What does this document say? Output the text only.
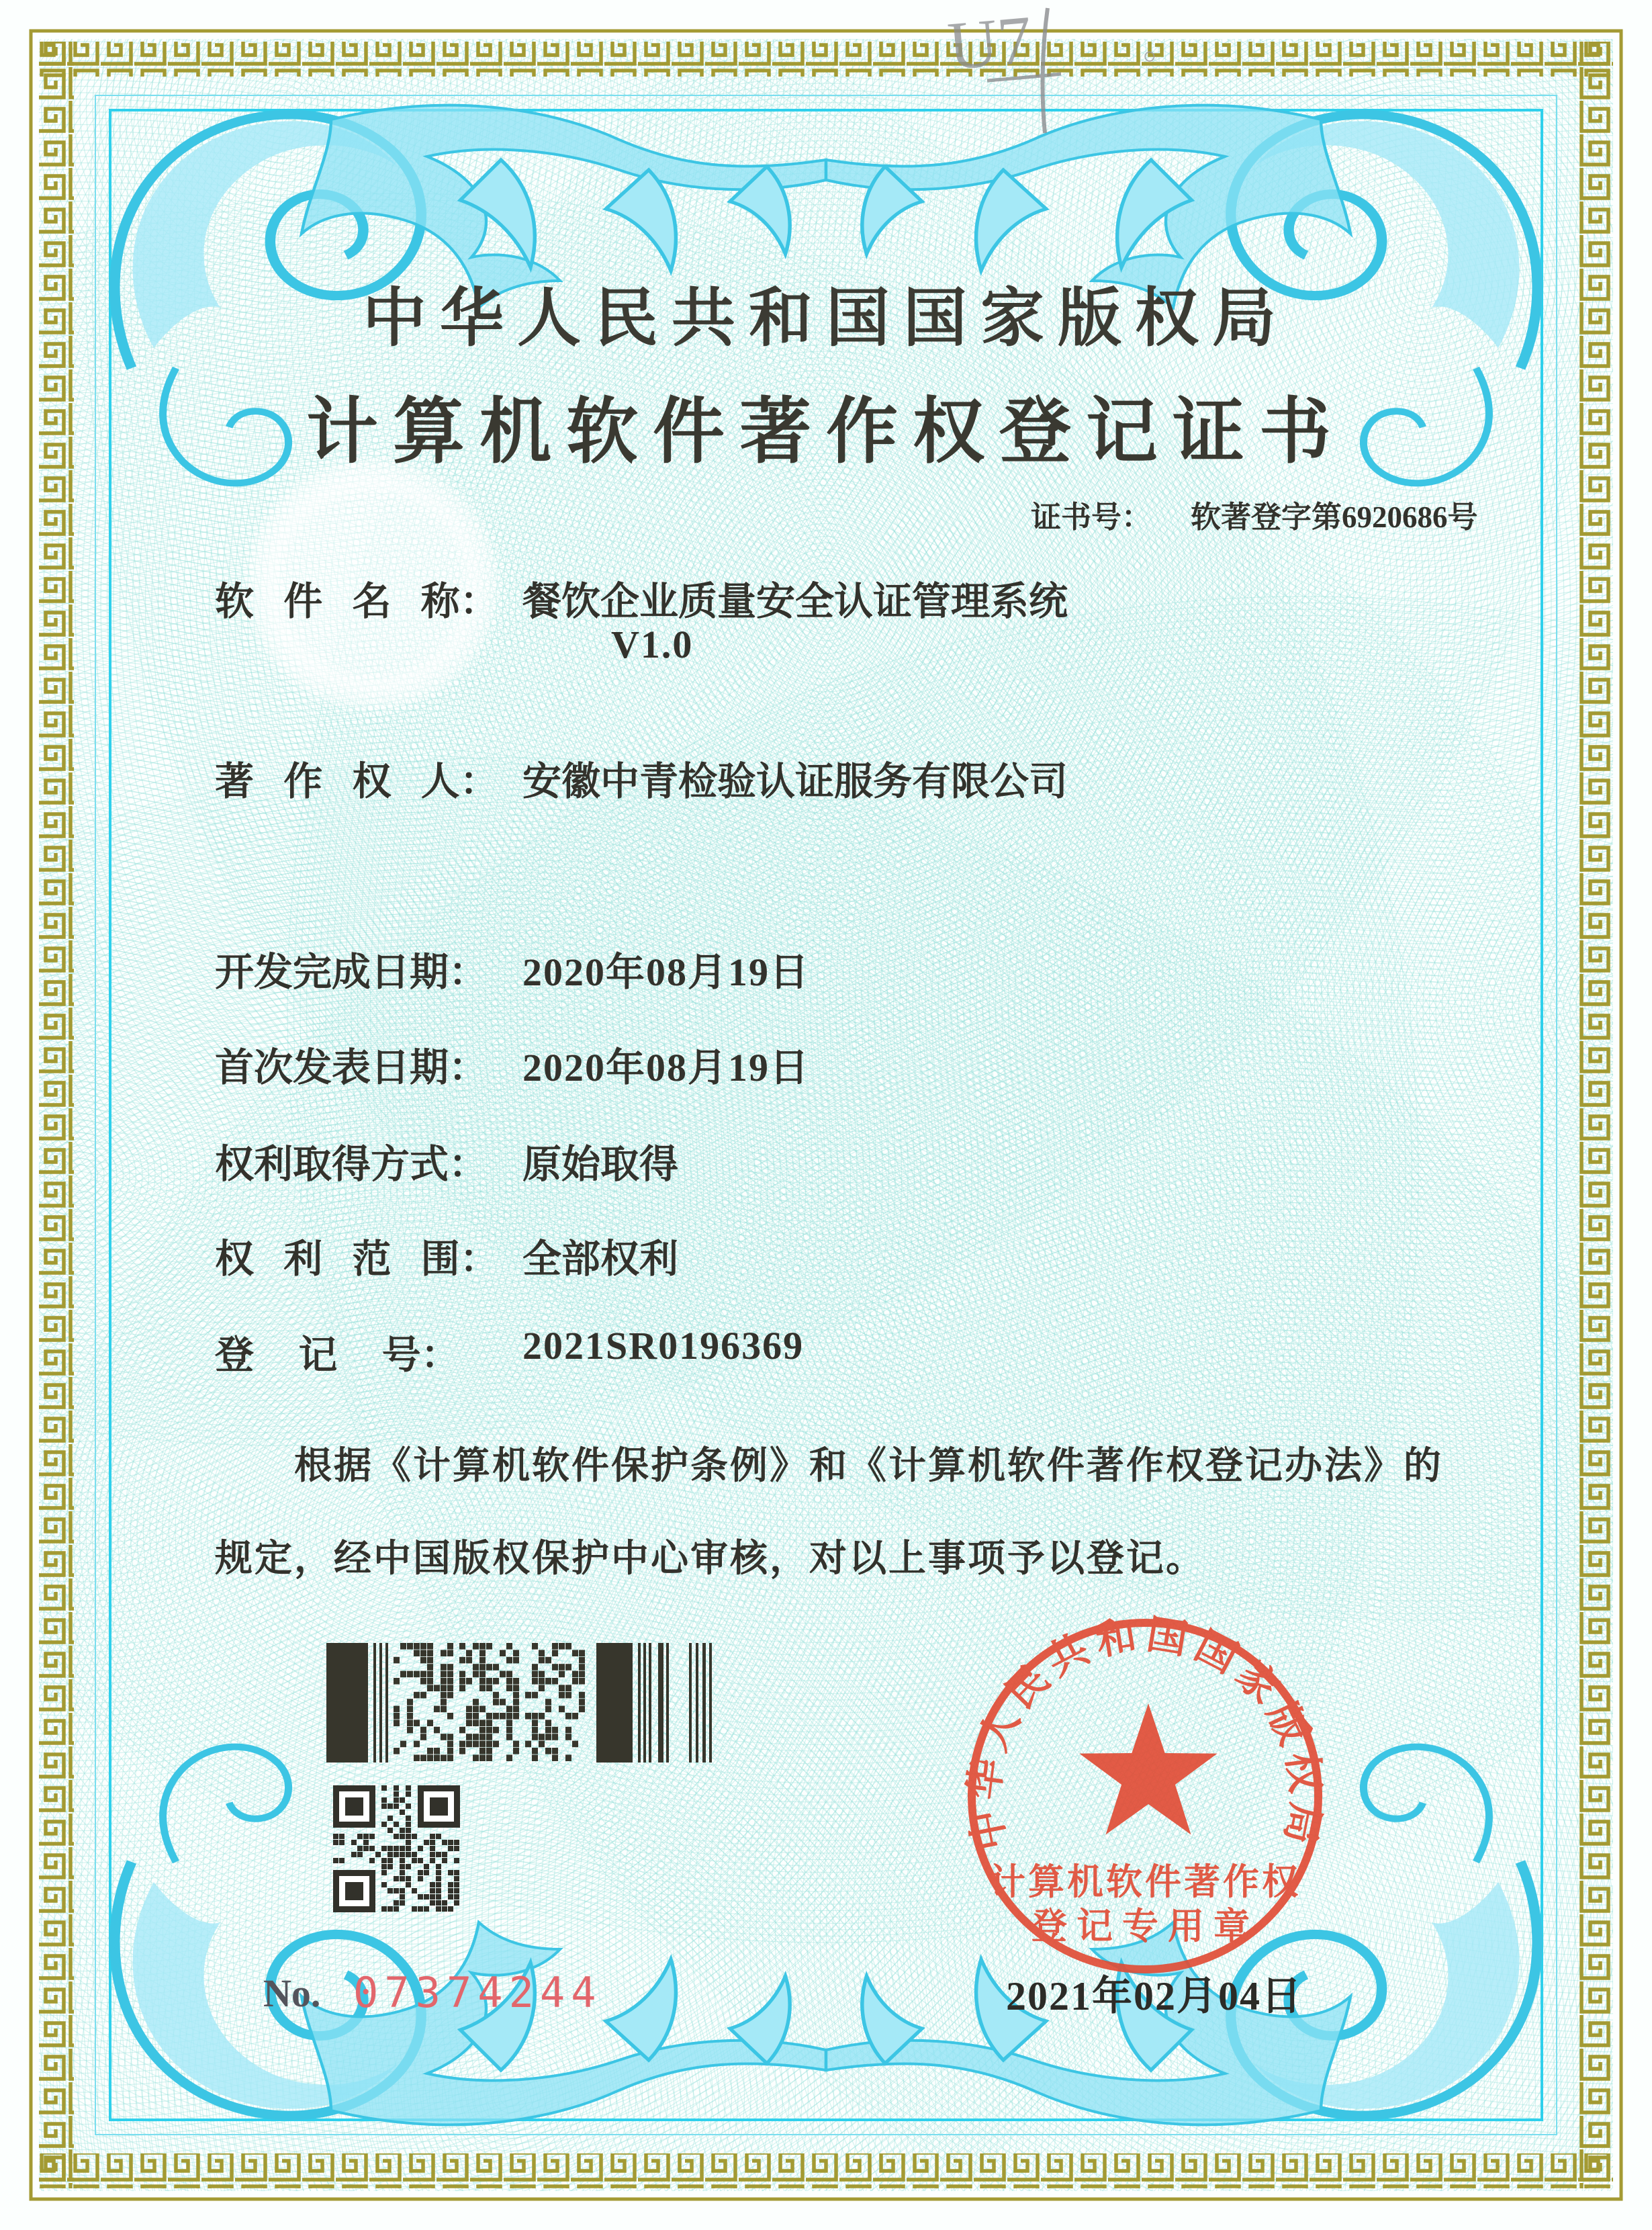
中华人民共和国国家版权局
计算机软件著作权
登记专用章
U7	。
中华人民共和国国家版权局
计算机软件著作权登记证书
证书号： 软著登字第6920686号
软  件  名  称： 餐饮企业质量安全认证管理系统
V1.0
著  作  权  人： 安徽中青检验认证服务有限公司
开发完成日期： 2020年08月19日
首次发表日期： 2020年08月19日
权利取得方式： 原始取得
权  利  范  围： 全部权利
登   记   号： 2021SR0196369
根据《计算机软件保护条例》和《计算机软件著作权登记办法》的
规定，经中国版权保护中心审核，对以上事项予以登记。
No. 07374244	2021年02月04日
